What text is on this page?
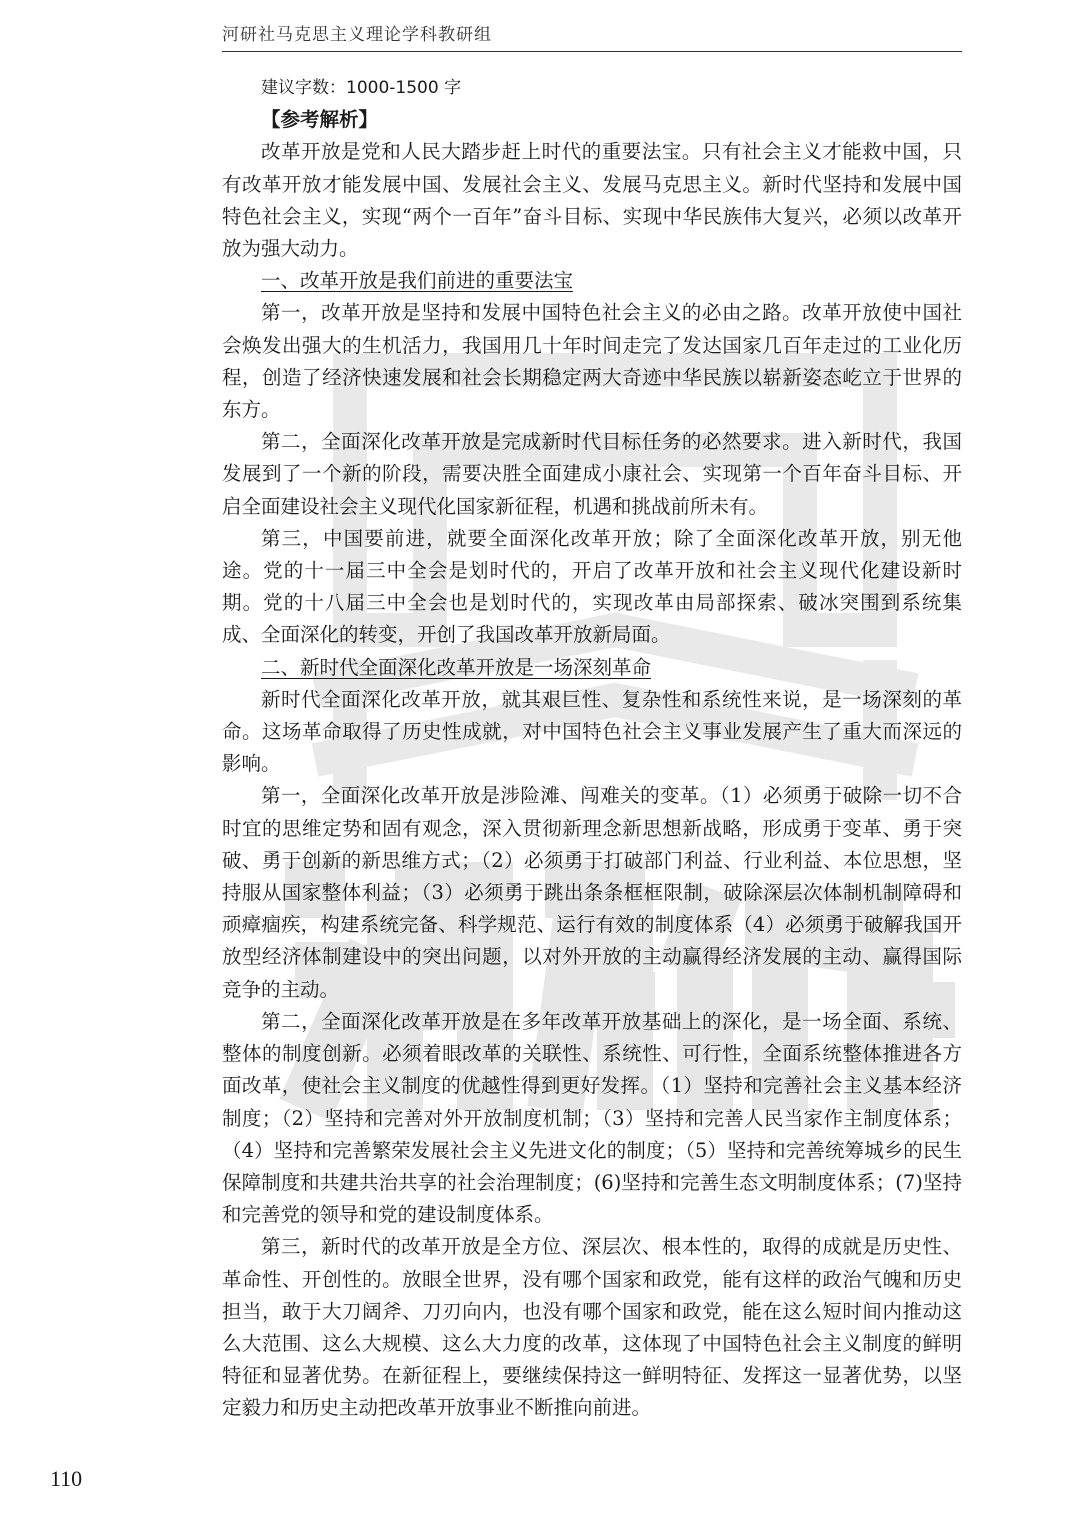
河研社马克思主义理论学科教研组

建议字数：1000-1500 字

【参考解析】

改革开放是党和人民大踏步赶上时代的重要法宝。只有社会主义才能救中国，只有改革开放才能发展中国、发展社会主义、发展马克思主义。新时代坚持和发展中国特色社会主义，实现“两个一百年”奋斗目标、实现中华民族伟大复兴，必须以改革开放为强大动力。

一、改革开放是我们前进的重要法宝

第一，改革开放是坚持和发展中国特色社会主义的必由之路。改革开放使中国社会焕发出强大的生机活力，我国用几十年时间走完了发达国家几百年走过的工业化历程，创造了经济快速发展和社会长期稳定两大奇迹中华民族以崭新姿态屹立于世界的东方。

第二，全面深化改革开放是完成新时代目标任务的必然要求。进入新时代，我国发展到了一个新的阶段，需要决胜全面建成小康社会、实现第一个百年奋斗目标、开启全面建设社会主义现代化国家新征程，机遇和挑战前所未有。

第三，中国要前进，就要全面深化改革开放；除了全面深化改革开放，别无他途。党的十一届三中全会是划时代的，开启了改革开放和社会主义现代化建设新时期。党的十八届三中全会也是划时代的，实现改革由局部探索、破冰突围到系统集成、全面深化的转变，开创了我国改革开放新局面。

二、新时代全面深化改革开放是一场深刻革命

新时代全面深化改革开放，就其艰巨性、复杂性和系统性来说，是一场深刻的革命。这场革命取得了历史性成就，对中国特色社会主义事业发展产生了重大而深远的影响。

第一，全面深化改革开放是涉险滩、闯难关的变革。（1）必须勇于破除一切不合时宜的思维定势和固有观念，深入贯彻新理念新思想新战略，形成勇于变革、勇于突破、勇于创新的新思维方式；（2）必须勇于打破部门利益、行业利益、本位思想，坚持服从国家整体利益；（3）必须勇于跳出条条框框限制，破除深层次体制机制障碍和顽瘴痼疾，构建系统完备、科学规范、运行有效的制度体系（4）必须勇于破解我国开放型经济体制建设中的突出问题，以对外开放的主动赢得经济发展的主动、赢得国际竞争的主动。

第二，全面深化改革开放是在多年改革开放基础上的深化，是一场全面、系统、整体的制度创新。必须着眼改革的关联性、系统性、可行性，全面系统整体推进各方面改革，使社会主义制度的优越性得到更好发挥。（1）坚持和完善社会主义基本经济制度；（2）坚持和完善对外开放制度机制；（3）坚持和完善人民当家作主制度体系；（4）坚持和完善繁荣发展社会主义先进文化的制度；（5）坚持和完善统筹城乡的民生保障制度和共建共治共享的社会治理制度；(6)坚持和完善生态文明制度体系；(7)坚持和完善党的领导和党的建设制度体系。

第三，新时代的改革开放是全方位、深层次、根本性的，取得的成就是历史性、革命性、开创性的。放眼全世界，没有哪个国家和政党，能有这样的政治气魄和历史担当，敢于大刀阔斧、刀刃向内，也没有哪个国家和政党，能在这么短时间内推动这么大范围、这么大规模、这么大力度的改革，这体现了中国特色社会主义制度的鲜明特征和显著优势。在新征程上，要继续保持这一鲜明特征、发挥这一显著优势，以坚定毅力和历史主动把改革开放事业不断推向前进。

110
